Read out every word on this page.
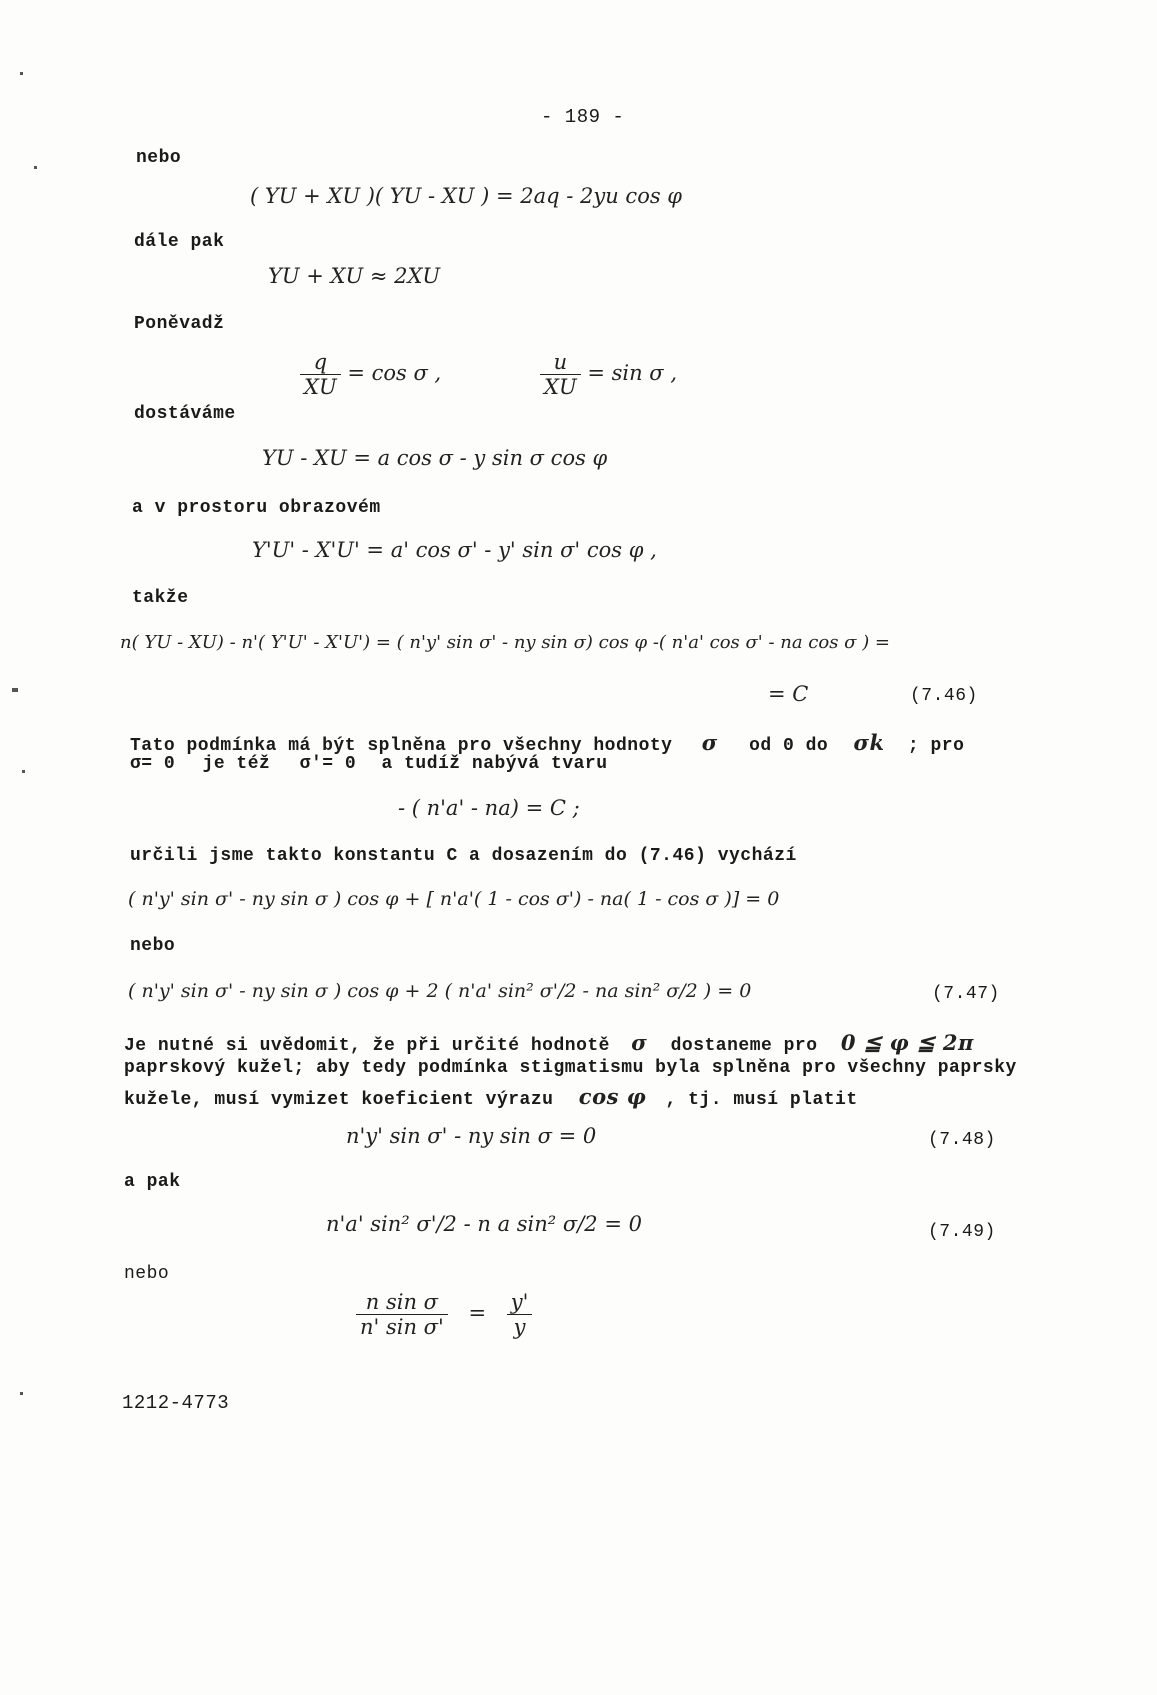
- 189 -
nebo
( YU + XU )( YU - XU ) = 2aq - 2yu cos φ
dále pak
YU + XU ≈ 2XU
Poněvadž
$\frac{q}{XU} = \cos \sigma$ ,	$\frac{u}{XU} = \sin \sigma$ ,
dostáváme
YU - XU = a cos σ - y sin σ cos φ
a v prostoru obrazovém
Y'U' - X'U' = a' cos σ' - y' sin σ' cos φ ,
takže
n( YU - XU) - n'( Y'U' - X'U') = ( n'y' sin σ' - ny sin σ) cos φ -( n'a' cos σ' - na cos σ ) =
= C	(7.46)
Tato podmínka má být splněna pro všechny hodnoty σ od 0 do σk ; pro
σ= 0 je též σ'= 0 a tudíž nabývá tvaru
- ( n'a' - na) = C ;
určili jsme takto konstantu C a dosazením do (7.46) vychází
( n'y' sin σ' - ny sin σ ) cos φ + [ n'a'( 1 - cos σ') - na( 1 - cos σ )] = 0
nebo
( n'y' sin σ' - ny sin σ ) cos φ + 2 ( n'a' sin² σ'/2 - na sin² σ/2 ) = 0	(7.47)
Je nutné si uvědomit, že při určité hodnotě σ dostaneme pro 0 ≦ φ ≦ 2π
paprskový kužel; aby tedy podmínka stigmatismu byla splněna pro všechny paprsky
kužele, musí vymizet koeficient výrazu cos φ , tj. musí platit
n'y' sin σ' - ny sin σ = 0	(7.48)
a pak
n'a' sin² σ'/2 - n a sin² σ/2 = 0	(7.49)
nebo
$\frac{\text{n sin σ}}{\text{n' sin σ'}} = \frac{y'}{y}$
1212-4773
